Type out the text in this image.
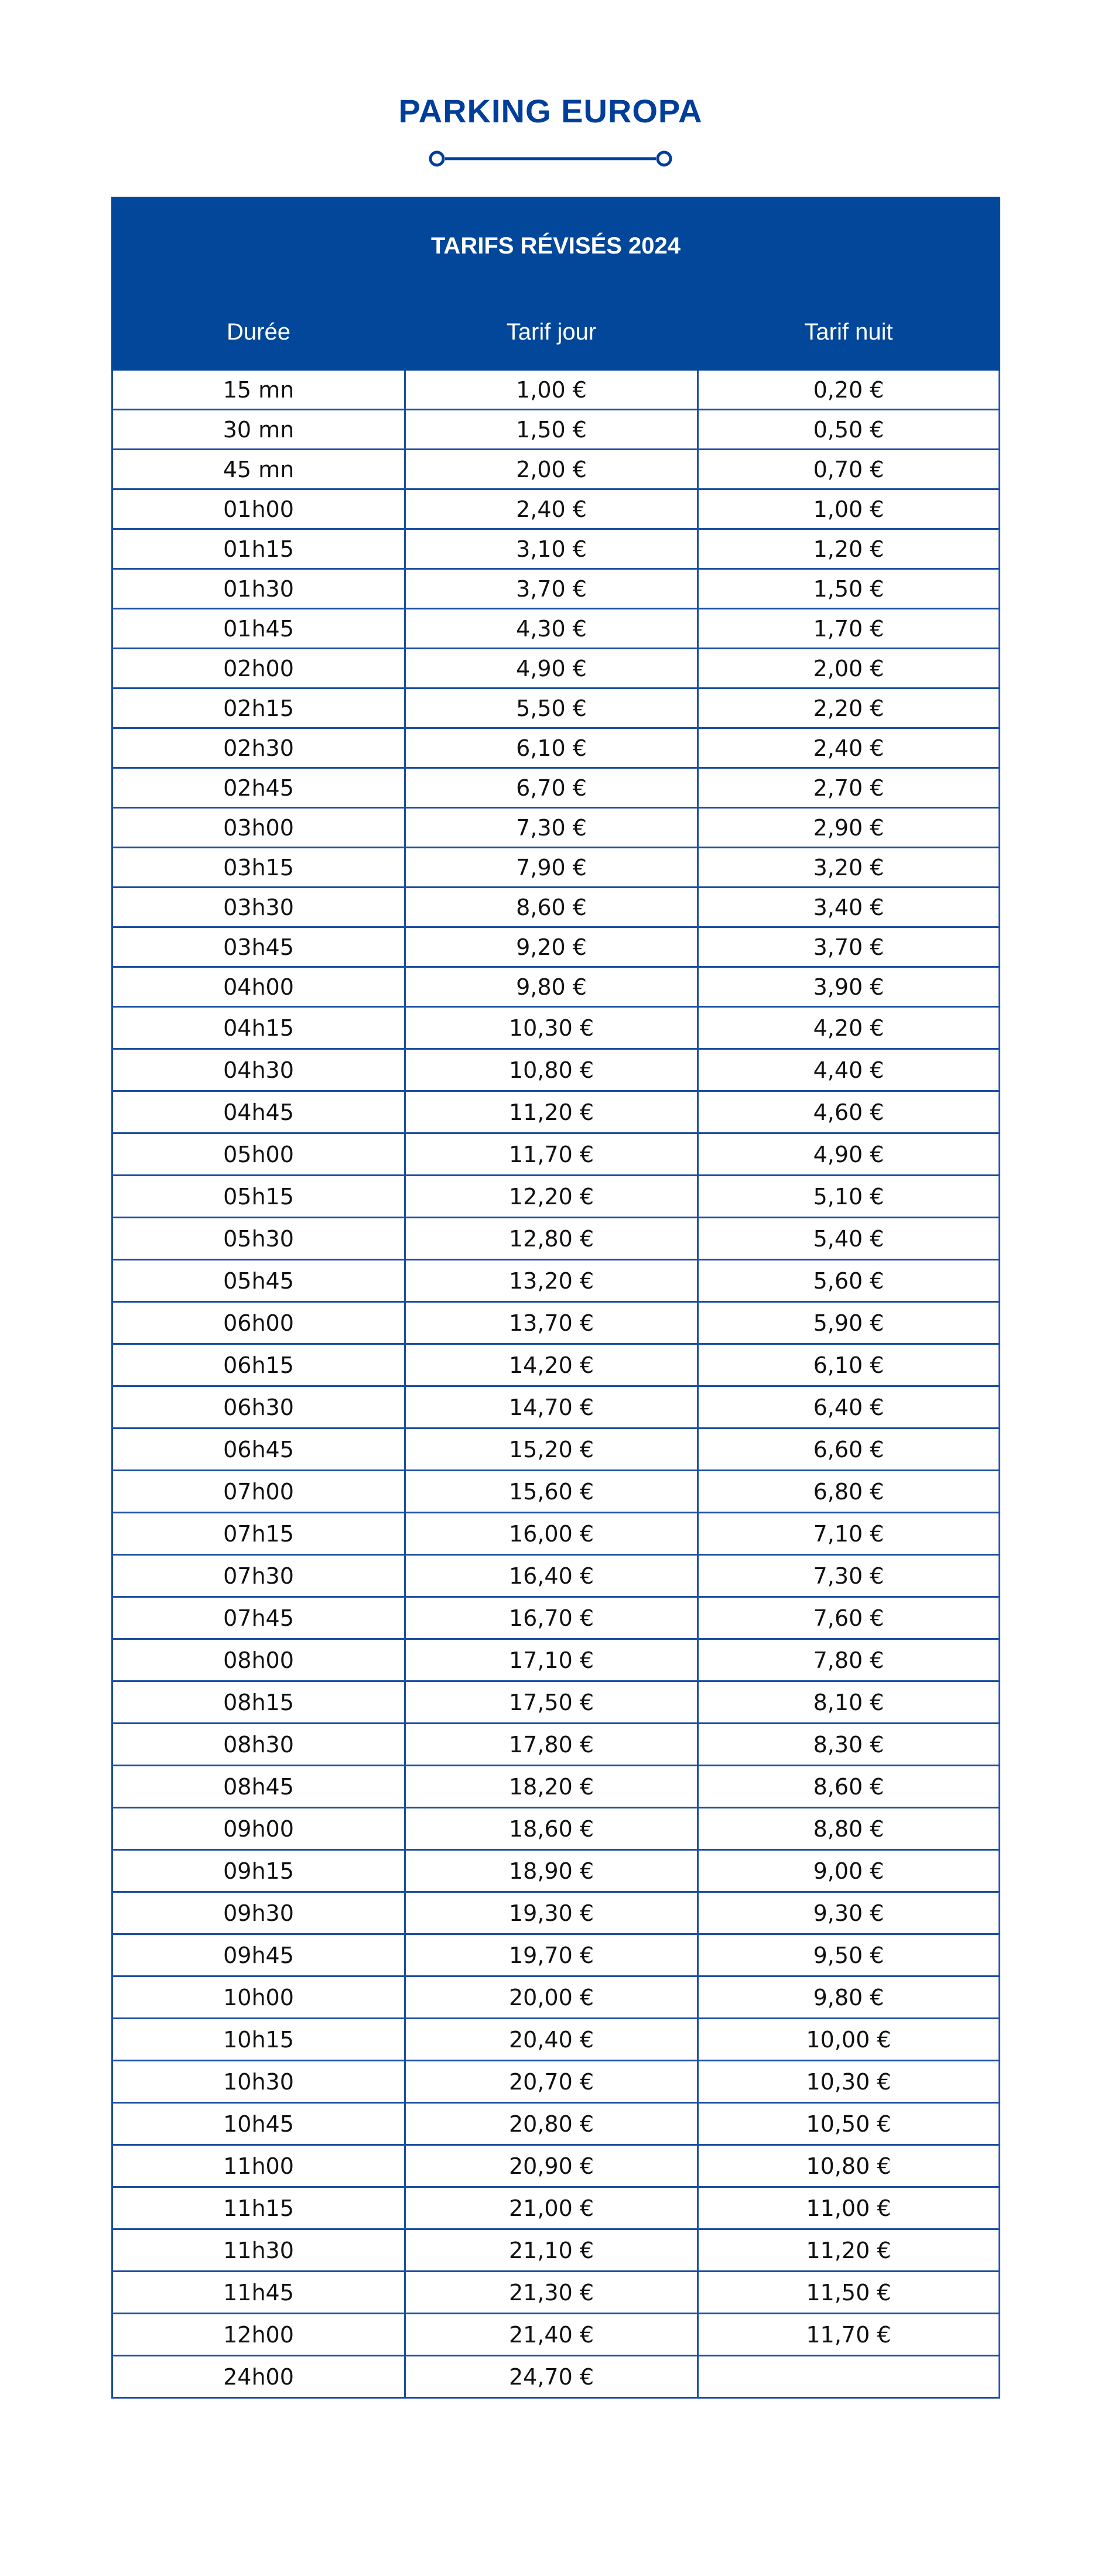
PARKING EUROPA
TARIFS RÉVISÉS 2024		
Durée	Tarif jour	Tarif nuit
15 mn	1,00 €	0,20 €
30 mn	1,50 €	0,50 €
45 mn	2,00 €	0,70 €
01h00	2,40 €	1,00 €
01h15	3,10 €	1,20 €
01h30	3,70 €	1,50 €
01h45	4,30 €	1,70 €
02h00	4,90 €	2,00 €
02h15	5,50 €	2,20 €
02h30	6,10 €	2,40 €
02h45	6,70 €	2,70 €
03h00	7,30 €	2,90 €
03h15	7,90 €	3,20 €
03h30	8,60 €	3,40 €
03h45	9,20 €	3,70 €
04h00	9,80 €	3,90 €
04h15	10,30 €	4,20 €
04h30	10,80 €	4,40 €
04h45	11,20 €	4,60 €
05h00	11,70 €	4,90 €
05h15	12,20 €	5,10 €
05h30	12,80 €	5,40 €
05h45	13,20 €	5,60 €
06h00	13,70 €	5,90 €
06h15	14,20 €	6,10 €
06h30	14,70 €	6,40 €
06h45	15,20 €	6,60 €
07h00	15,60 €	6,80 €
07h15	16,00 €	7,10 €
07h30	16,40 €	7,30 €
07h45	16,70 €	7,60 €
08h00	17,10 €	7,80 €
08h15	17,50 €	8,10 €
08h30	17,80 €	8,30 €
08h45	18,20 €	8,60 €
09h00	18,60 €	8,80 €
09h15	18,90 €	9,00 €
09h30	19,30 €	9,30 €
09h45	19,70 €	9,50 €
10h00	20,00 €	9,80 €
10h15	20,40 €	10,00 €
10h30	20,70 €	10,30 €
10h45	20,80 €	10,50 €
11h00	20,90 €	10,80 €
11h15	21,00 €	11,00 €
11h30	21,10 €	11,20 €
11h45	21,30 €	11,50 €
12h00	21,40 €	11,70 €
24h00	24,70 €	
